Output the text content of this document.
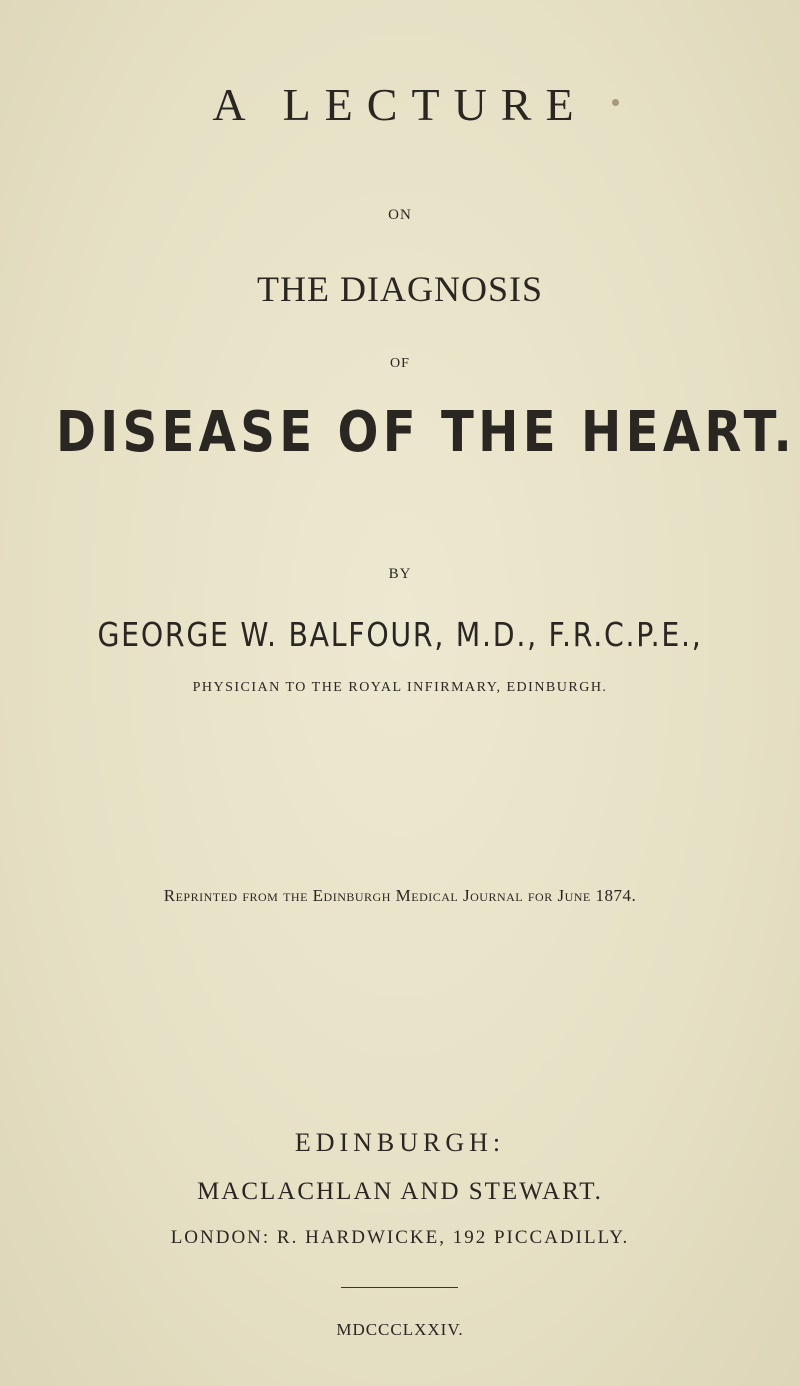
A LECTURE
ON
THE DIAGNOSIS
OF
DISEASE OF THE HEART.
BY
GEORGE W. BALFOUR, M.D., F.R.C.P.E.,
PHYSICIAN TO THE ROYAL INFIRMARY, EDINBURGH.
Reprinted from the Edinburgh Medical Journal for June 1874.
EDINBURGH:
MACLACHLAN AND STEWART.
LONDON: R. HARDWICKE, 192 PICCADILLY.
MDCCCLXXIV.
